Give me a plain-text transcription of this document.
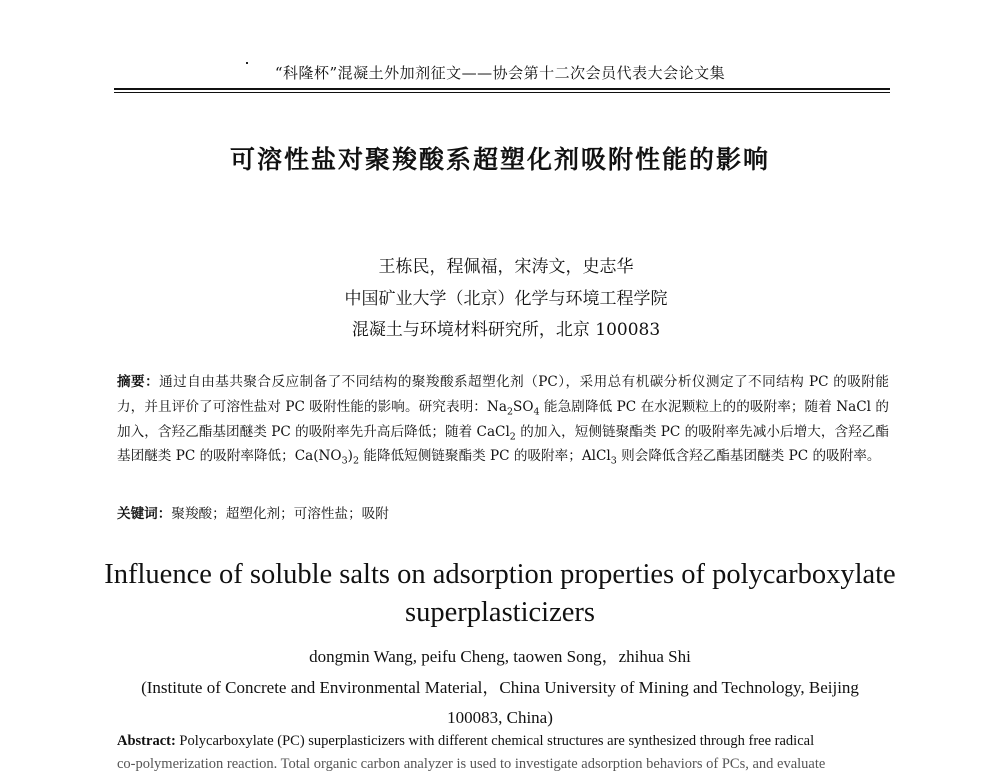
“科隆杯”混凝土外加剂征文——协会第十二次会员代表大会论文集
可溶性盐对聚羧酸系超塑化剂吸附性能的影响
王栋民，程佩福，宋涛文，史志华
中国矿业大学（北京）化学与环境工程学院
混凝土与环境材料研究所，北京 100083
摘要：通过自由基共聚合反应制备了不同结构的聚羧酸系超塑化剂（PC），采用总有机碳分析仪测定了不同结构 PC 的吸附能力，并且评价了可溶性盐对 PC 吸附性能的影响。研究表明：$Na_2SO_4$ 能急剧降低 PC 在水泥颗粒上的的吸附率；随着 NaCl 的加入，含羟乙酯基团醚类 PC 的吸附率先升高后降低；随着 CaCl$_2$ 的加入，短侧链聚酯类 PC 的吸附率先减小后增大，含羟乙酯基团醚类 PC 的吸附率降低；$Ca(NO_3)_2$ 能降低短侧链聚酯类 PC 的吸附率；AlCl$_3$ 则会降低含羟乙酯基团醚类 PC 的吸附率。
关键词：聚羧酸；超塑化剂；可溶性盐；吸附
Influence of soluble salts on adsorption properties of polycarboxylate
superplasticizers
dongmin Wang, peifu Cheng, taowen Song，zhihua Shi
(Institute of Concrete and Environmental Material，China University of Mining and Technology, Beijing
100083, China)
Abstract: Polycarboxylate (PC) superplasticizers with different chemical structures are synthesized through free radical
co-polymerization reaction. Total organic carbon analyzer is used to investigate adsorption behaviors of PCs, and evaluate
